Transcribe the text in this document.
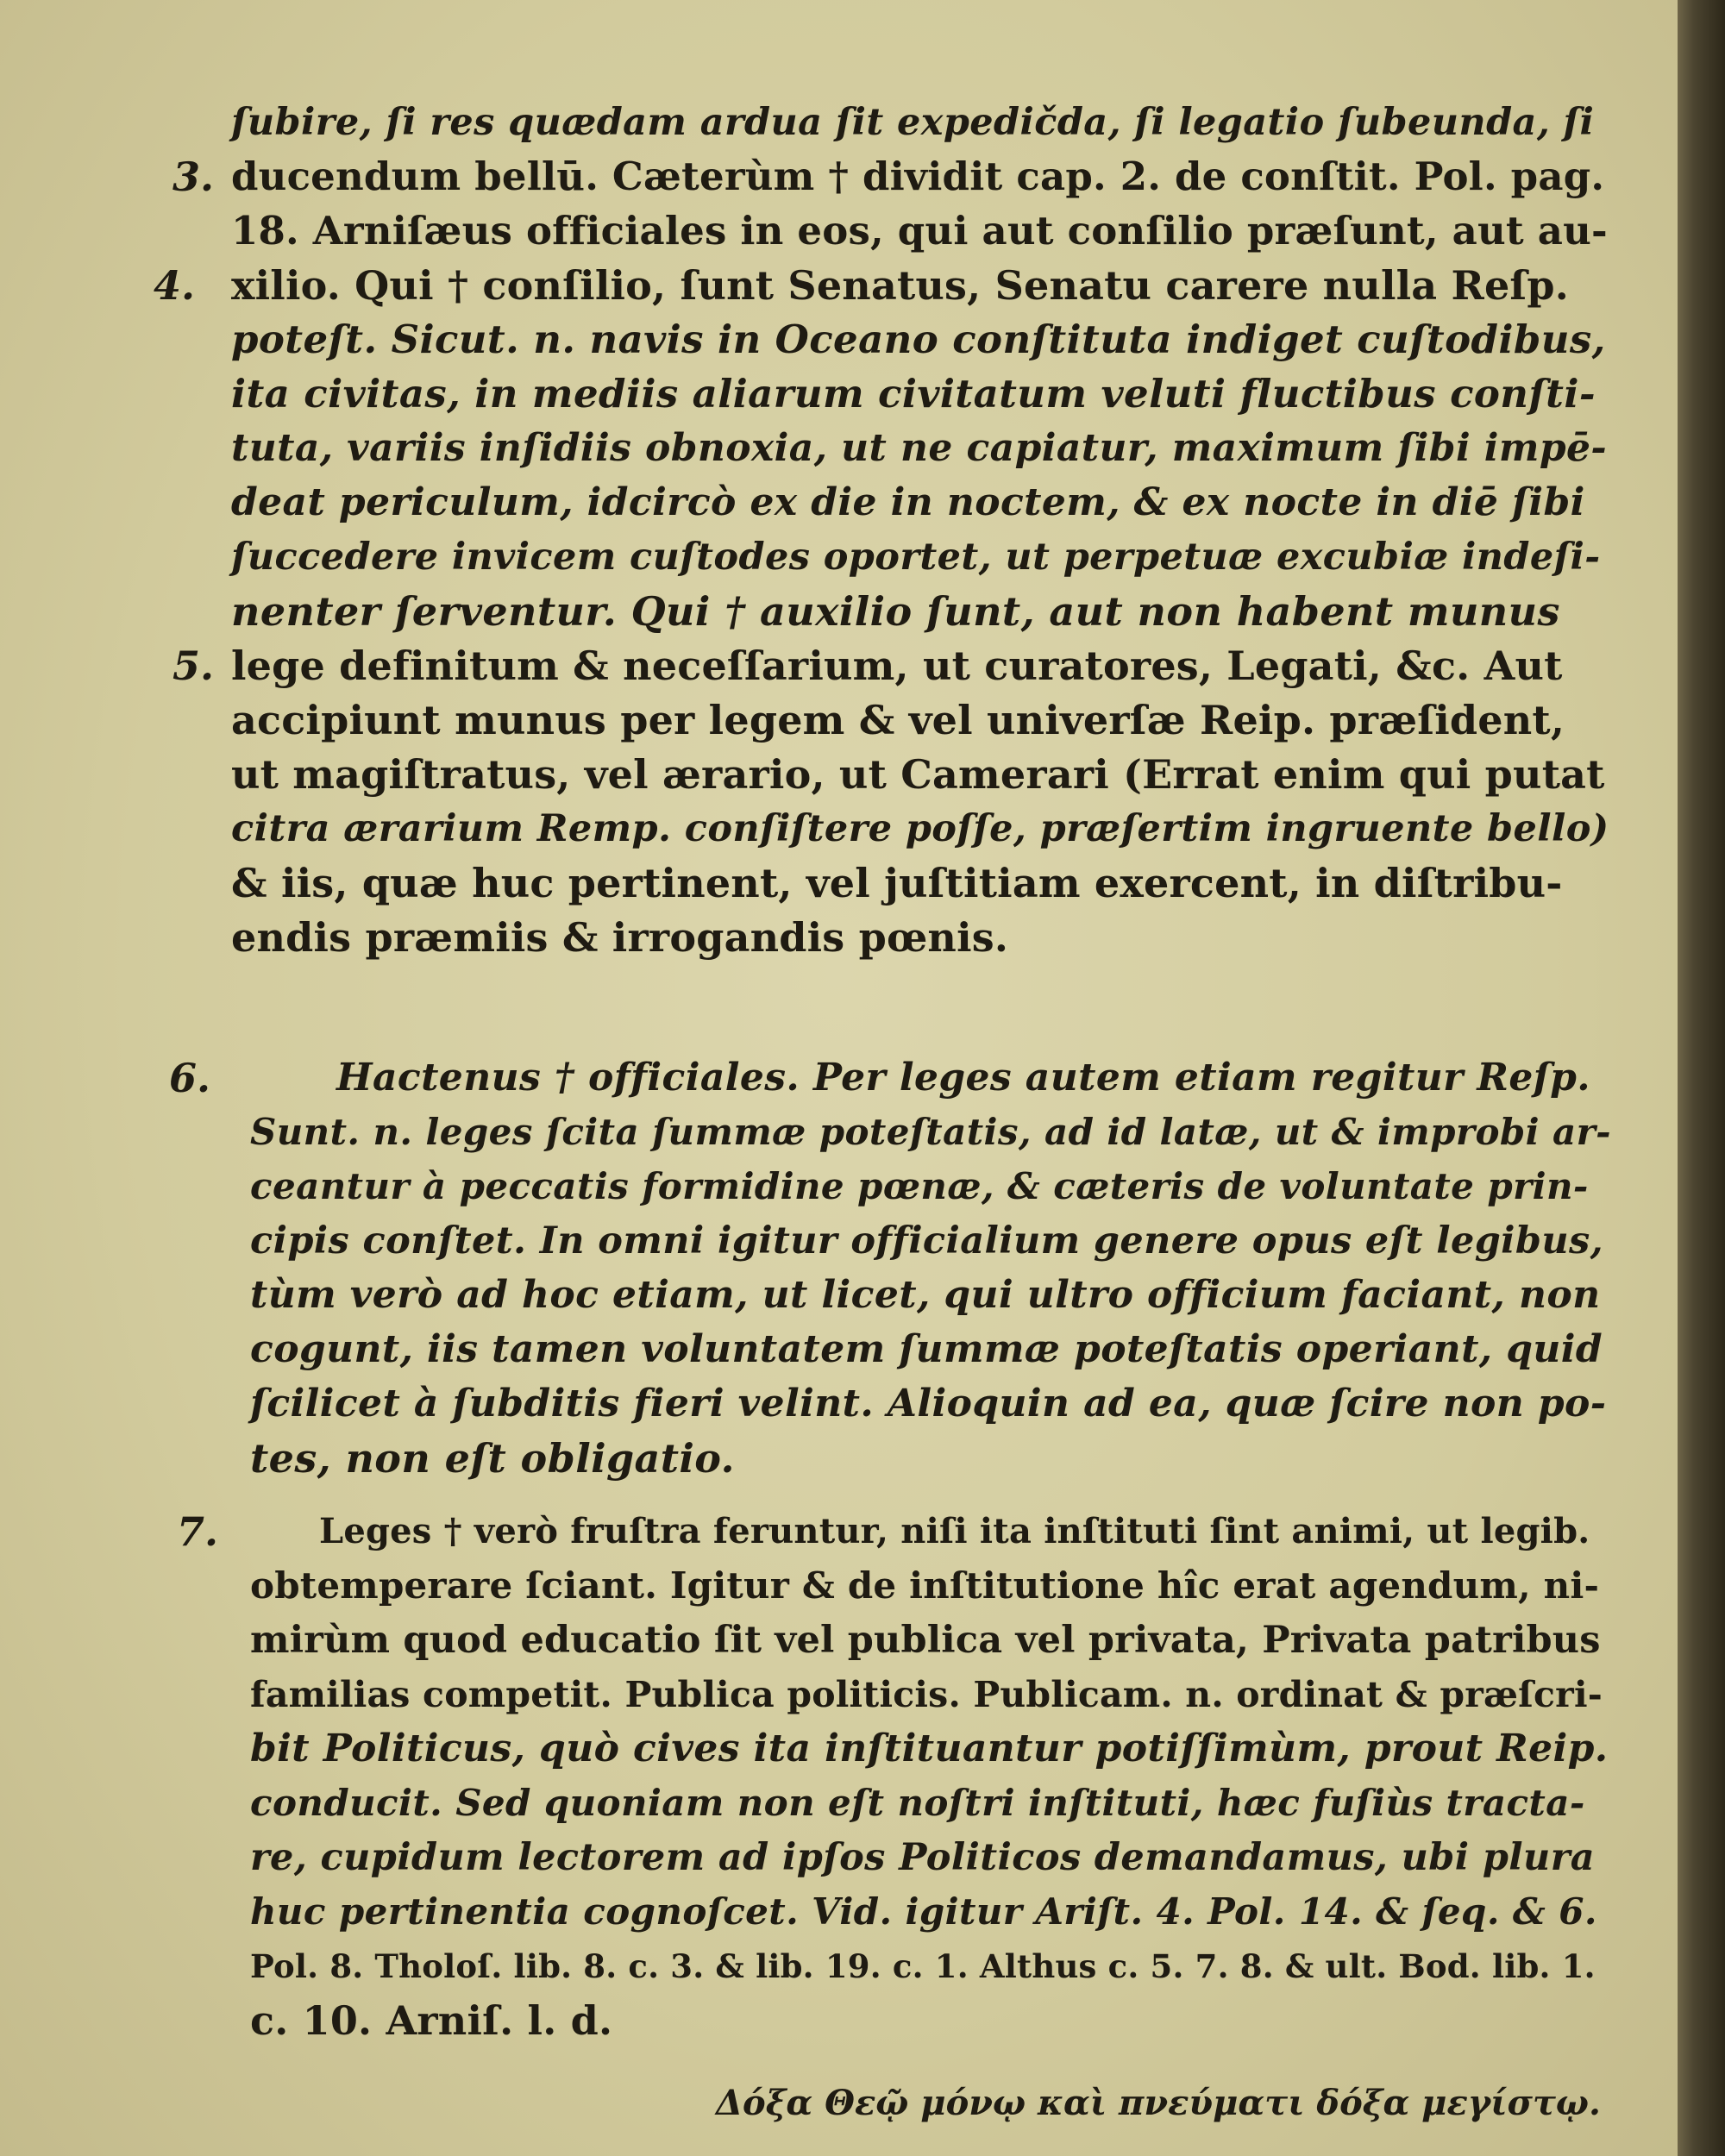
ſubire, ſi res quædam ardua ſit expedičda, ſi legatio ſubeunda, ſi
3. ducendum bellū. Cæterùm † dividit cap. 2. de conſtit. Pol. pag.
18. Arniſæus officiales in eos, qui aut conſilio præſunt, aut au-
4. xilio. Qui † conſilio, ſunt Senatus, Senatu carere nulla Reſp.
poteſt. Sicut. n. navis in Oceano conſtituta indiget cuſtodibus,
ita civitas, in mediis aliarum civitatum veluti fluctibus conſti-
tuta, variis inſidiis obnoxia, ut ne capiatur, maximum ſibi impē-
deat periculum, idcircò ex die in noctem, & ex nocte in diē ſibi
ſuccedere invicem cuſtodes oportet, ut perpetuæ excubiæ indeſi-
nenter ſerventur. Qui † auxilio ſunt, aut non habent munus
5. lege definitum & neceſſarium, ut curatores, Legati, &c. Aut
accipiunt munus per legem & vel univerſæ Reip. præſident,
ut magiſtratus, vel ærario, ut Camerari (Errat enim qui putat
citra ærarium Remp. conſiſtere poſſe, præſertim ingruente bello)
& iis, quæ huc pertinent, vel juſtitiam exercent, in diſtribu-
endis præmiis & irrogandis pœnis.
6.	Hactenus † officiales. Per leges autem etiam regitur Reſp.
Sunt. n. leges ſcita ſummæ poteſtatis, ad id latæ, ut & improbi ar-
ceantur à peccatis formidine pœnæ, & cæteris de voluntate prin-
cipis conſtet. In omni igitur officialium genere opus eſt legibus,
tùm verò ad hoc etiam, ut licet, qui ultro officium faciant, non
cogunt, iis tamen voluntatem ſummæ poteſtatis operiant, quid
ſcilicet à ſubditis fieri velint. Alioquin ad ea, quæ ſcire non po-
tes, non eſt obligatio.
7.	Leges † verò fruſtra feruntur, niſi ita inſtituti ſint animi, ut legib.
obtemperare ſciant. Igitur & de inſtitutione hîc erat agendum, ni-
mirùm quod educatio ſit vel publica vel privata, Privata patribus
familias competit. Publica politicis. Publicam. n. ordinat & præſcri-
bit Politicus, quò cives ita inſtituantur potiſſimùm, prout Reip.
conducit. Sed quoniam non eſt noſtri inſtituti, hæc fuſiùs tracta-
re, cupidum lectorem ad ipſos Politicos demandamus, ubi plura
huc pertinentia cognoſcet. Vid. igitur Ariſt. 4. Pol. 14. & ſeq. & 6.
Pol. 8. Tholoſ. lib. 8. c. 3. & lib. 19. c. 1. Althus c. 5. 7. 8. & ult. Bod. lib. 1.
c. 10. Arniſ. l. d.
Δόξα Θεῷ μόνῳ καὶ πνεύματι δόξα μεγίστῳ.
